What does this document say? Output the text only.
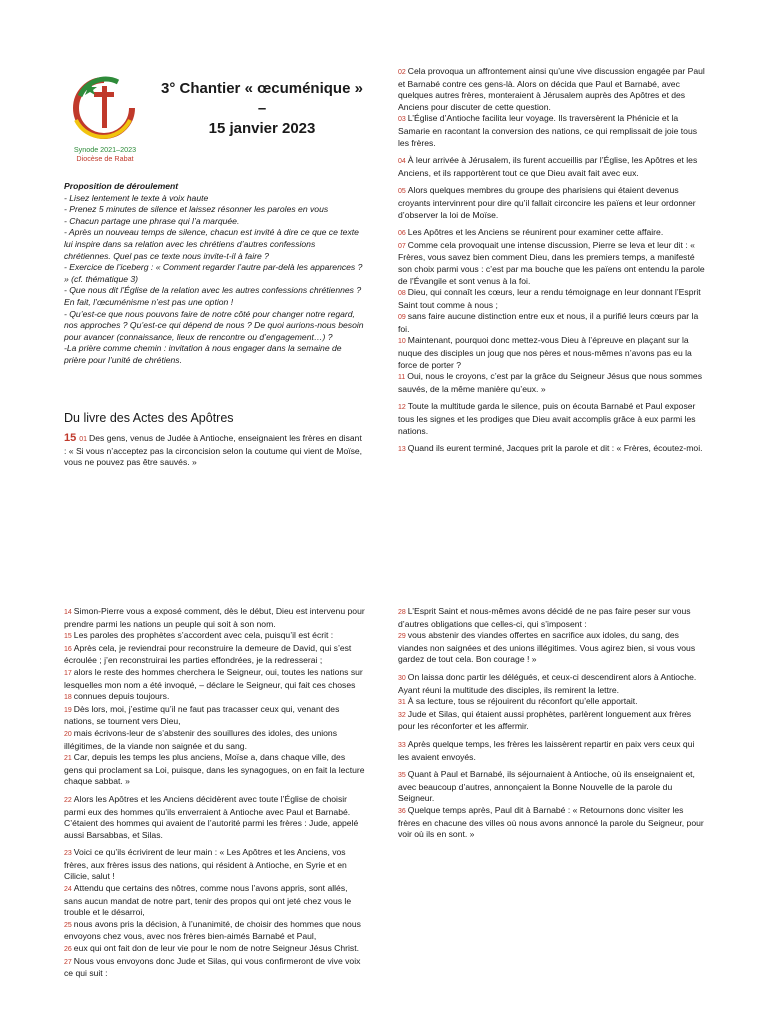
Synode 2021–2023
Diocèse de Rabat
3° Chantier « œcuménique » –
15 janvier 2023
Proposition de déroulement
- Lisez lentement le texte à voix haute
- Prenez 5 minutes de silence et laissez résonner les paroles en vous
- Chacun partage une phrase qui l’a marquée.
- Après un nouveau temps de silence, chacun est invité à dire ce que ce texte lui inspire dans sa relation avec les chrétiens d’autres confessions chrétiennes. Quel pas ce texte nous invite-t-il à faire ?
- Exercice de l’iceberg : « Comment regarder l’autre par-delà les apparences ? » (cf. thématique 3)
- Que nous dit l’Église de la relation avec les autres confessions chrétiennes ? En fait, l’œcuménisme n’est pas une option !
- Qu’est-ce que nous pouvons faire de notre côté pour changer notre regard, nos approches ? Qu’est-ce qui dépend de nous ? De quoi aurions-nous besoin pour avancer (connaissance, lieux de rencontre ou d’engagement…) ?
-La prière comme chemin : invitation à nous engager dans la semaine de prière pour l’unité de chrétiens.
Du livre des Actes des Apôtres

15 01 Des gens, venus de Judée à Antioche, enseignaient les frères en disant : « Si vous n’acceptez pas la circoncision selon la coutume qui vient de Moïse, vous ne pouvez pas être sauvés. »

02 Cela provoqua un affrontement ainsi qu’une vive discussion engagée par Paul et Barnabé contre ces gens-là. Alors on décida que Paul et Barnabé, avec quelques autres frères, monteraient à Jérusalem auprès des Apôtres et des Anciens pour discuter de cette question.

03 L’Église d’Antioche facilita leur voyage. Ils traversèrent la Phénicie et la Samarie en racontant la conversion des nations, ce qui remplissait de joie tous les frères.

04 À leur arrivée à Jérusalem, ils furent accueillis par l’Église, les Apôtres et les Anciens, et ils rapportèrent tout ce que Dieu avait fait avec eux.

05 Alors quelques membres du groupe des pharisiens qui étaient devenus croyants intervinrent pour dire qu’il fallait circoncire les païens et leur ordonner d’observer la loi de Moïse.

06 Les Apôtres et les Anciens se réunirent pour examiner cette affaire.

07 Comme cela provoquait une intense discussion, Pierre se leva et leur dit : « Frères, vous savez bien comment Dieu, dans les premiers temps, a manifesté son choix parmi vous : c’est par ma bouche que les païens ont entendu la parole de l’Évangile et sont venus à la foi.

08 Dieu, qui connaît les cœurs, leur a rendu témoignage en leur donnant l’Esprit Saint tout comme à nous ;

09 sans faire aucune distinction entre eux et nous, il a purifié leurs cœurs par la foi.

10 Maintenant, pourquoi donc mettez-vous Dieu à l’épreuve en plaçant sur la nuque des disciples un joug que nos pères et nous-mêmes n’avons pas eu la force de porter ?

11 Oui, nous le croyons, c’est par la grâce du Seigneur Jésus que nous sommes sauvés, de la même manière qu’eux. »

12 Toute la multitude garda le silence, puis on écouta Barnabé et Paul exposer tous les signes et les prodiges que Dieu avait accomplis grâce à eux parmi les nations.

13 Quand ils eurent terminé, Jacques prit la parole et dit : « Frères, écoutez-moi.

14 Simon-Pierre vous a exposé comment, dès le début, Dieu est intervenu pour prendre parmi les nations un peuple qui soit à son nom.

15 Les paroles des prophètes s’accordent avec cela, puisqu’il est écrit :

16 Après cela, je reviendrai pour reconstruire la demeure de David, qui s’est écroulée ; j’en reconstruirai les parties effondrées, je la redresserai ;

17 alors le reste des hommes cherchera le Seigneur, oui, toutes les nations sur lesquelles mon nom a été invoqué, – déclare le Seigneur, qui fait ces choses

18 connues depuis toujours.

19 Dès lors, moi, j’estime qu’il ne faut pas tracasser ceux qui, venant des nations, se tournent vers Dieu,

20 mais écrivons-leur de s’abstenir des souillures des idoles, des unions illégitimes, de la viande non saignée et du sang.

21 Car, depuis les temps les plus anciens, Moïse a, dans chaque ville, des gens qui proclament sa Loi, puisque, dans les synagogues, on en fait la lecture chaque sabbat. »

22 Alors les Apôtres et les Anciens décidèrent avec toute l’Église de choisir parmi eux des hommes qu’ils enverraient à Antioche avec Paul et Barnabé. C’étaient des hommes qui avaient de l’autorité parmi les frères : Jude, appelé aussi Barsabbas, et Silas.

23 Voici ce qu’ils écrivirent de leur main : « Les Apôtres et les Anciens, vos frères, aux frères issus des nations, qui résident à Antioche, en Syrie et en Cilicie, salut !

24 Attendu que certains des nôtres, comme nous l’avons appris, sont allés, sans aucun mandat de notre part, tenir des propos qui ont jeté chez vous le trouble et le désarroi,

25 nous avons pris la décision, à l’unanimité, de choisir des hommes que nous envoyons chez vous, avec nos frères bien-aimés Barnabé et Paul,

26 eux qui ont fait don de leur vie pour le nom de notre Seigneur Jésus Christ.

27 Nous vous envoyons donc Jude et Silas, qui vous confirmeront de vive voix ce qui suit :

28 L’Esprit Saint et nous-mêmes avons décidé de ne pas faire peser sur vous d’autres obligations que celles-ci, qui s’imposent :

29 vous abstenir des viandes offertes en sacrifice aux idoles, du sang, des viandes non saignées et des unions illégitimes. Vous agirez bien, si vous vous gardez de tout cela. Bon courage ! »

30 On laissa donc partir les délégués, et ceux-ci descendirent alors à Antioche. Ayant réuni la multitude des disciples, ils remirent la lettre.

31 À sa lecture, tous se réjouirent du réconfort qu’elle apportait.

32 Jude et Silas, qui étaient aussi prophètes, parlèrent longuement aux frères pour les réconforter et les affermir.

33 Après quelque temps, les frères les laissèrent repartir en paix vers ceux qui les avaient envoyés.

35 Quant à Paul et Barnabé, ils séjournaient à Antioche, où ils enseignaient et, avec beaucoup d’autres, annonçaient la Bonne Nouvelle de la parole du Seigneur.

36 Quelque temps après, Paul dit à Barnabé : « Retournons donc visiter les frères en chacune des villes où nous avons annoncé la parole du Seigneur, pour voir où ils en sont. »
